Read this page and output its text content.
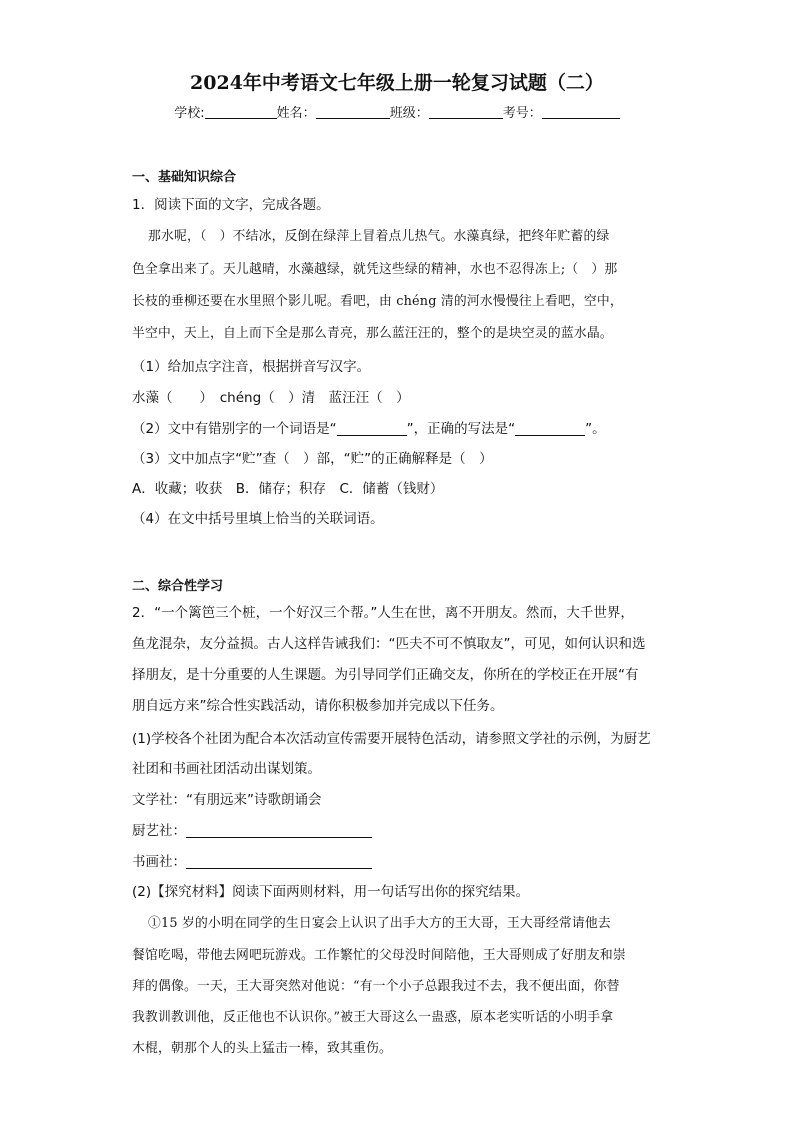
2024年中考语文七年级上册一轮复习试题（二）
学校:	姓名：	班级：	考号：
一、基础知识综合
1．阅读下面的文字，完成各题。
那水呢，（　）不结冰，反倒在绿萍上冒着点儿热气。水藻真绿，把终年贮蓄的绿
色全拿出来了。天儿越晴，水藻越绿，就凭这些绿的精神，水也不忍得冻上;（　）那
长枝的垂柳还要在水里照个影儿呢。看吧，由 chéng 清的河水慢慢往上看吧，空中，
半空中，天上，自上而下全是那么青亮，那么蓝汪汪的，整个的是块空灵的蓝水晶。
（1）给加点字注音，根据拼音写汉字。
水藻（　　）　chéng（　）清　蓝汪汪（　）
（2）文中有错别字的一个词语是“	”，正确的写法是“	”。
（3）文中加点字“贮”查（　）部，“贮”的正确解释是（　）
A．收藏；收获　B．储存；积存　C．储蓄（钱财）
（4）在文中括号里填上恰当的关联词语。
二、综合性学习
2．“一个篱笆三个桩，一个好汉三个帮。”人生在世，离不开朋友。然而，大千世界，
鱼龙混杂，友分益损。古人这样告诫我们：“匹夫不可不慎取友”，可见，如何认识和选
择朋友，是十分重要的人生课题。为引导同学们正确交友，你所在的学校正在开展“有
朋自远方来”综合性实践活动，请你积极参加并完成以下任务。
(1)学校各个社团为配合本次活动宣传需要开展特色活动，请参照文学社的示例，为厨艺
社团和书画社团活动出谋划策。
文学社：“有朋远来”诗歌朗诵会
厨艺社：
书画社：
(2)【探究材料】阅读下面两则材料，用一句话写出你的探究结果。
①15 岁的小明在同学的生日宴会上认识了出手大方的王大哥，王大哥经常请他去
餐馆吃喝，带他去网吧玩游戏。工作繁忙的父母没时间陪他，王大哥则成了好朋友和崇
拜的偶像。一天，王大哥突然对他说：“有一个小子总跟我过不去，我不便出面，你替
我教训教训他，反正他也不认识你。”被王大哥这么一蛊惑，原本老实听话的小明手拿
木棍，朝那个人的头上猛击一棒，致其重伤。
